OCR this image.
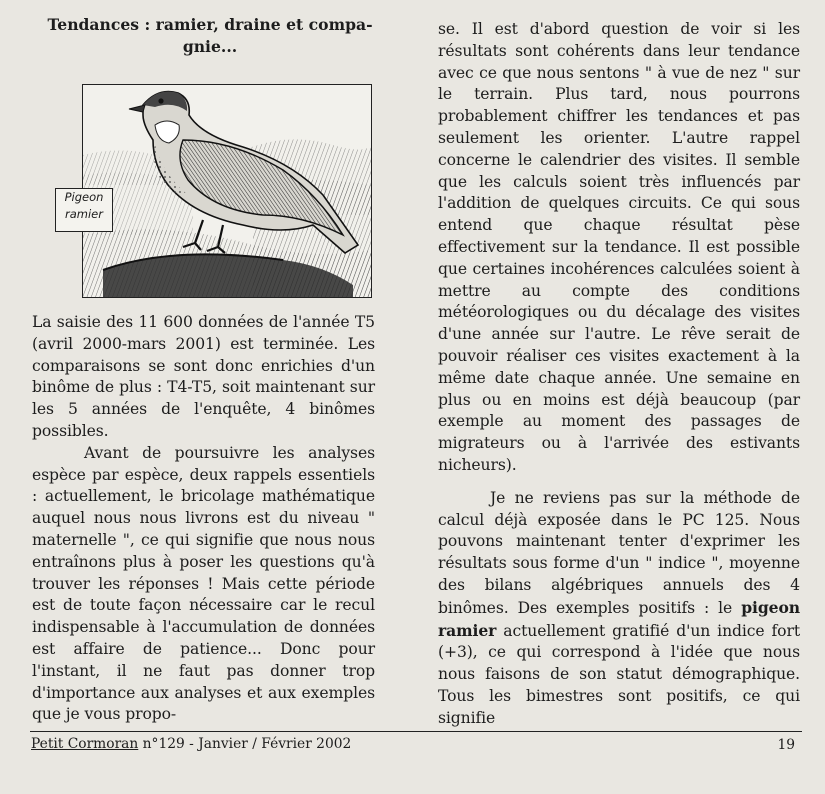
Tendances : ramier, draine et compa-
gnie...
Pigeon
ramier

La saisie des 11 600 données de l'année T5 (avril 2000-mars 2001) est terminée. Les comparaisons se sont donc enrichies d'un binôme de plus : T4-T5, soit maintenant sur les 5 années de l'enquête, 4 binômes possibles.

Avant de poursuivre les analyses espèce par espèce, deux rappels essentiels : actuellement, le bricolage mathématique auquel nous nous livrons est du niveau " maternelle ", ce qui signifie que nous nous entraînons plus à poser les questions qu'à trouver les réponses ! Mais cette période est de toute façon nécessaire car le recul indispensable à l'accumulation de données est affaire de patience... Donc pour l'instant, il ne faut pas donner trop d'importance aux analyses et aux exemples que je vous propo-

se. Il est d'abord question de voir si les résultats sont cohérents dans leur tendance avec ce que nous sentons " à vue de nez " sur le terrain. Plus tard, nous pourrons probablement chiffrer les tendances et pas seulement les orienter. L'autre rappel concerne le calendrier des visites. Il semble que les calculs soient très influencés par l'addition de quelques circuits. Ce qui sous entend que chaque résultat pèse effectivement sur la tendance. Il est possible que certaines incohérences calculées soient à mettre au compte des conditions météorologiques ou du décalage des visites d'une année sur l'autre. Le rêve serait de pouvoir réaliser ces visites exactement à la même date chaque année. Une semaine en plus ou en moins est déjà beaucoup (par exemple au moment des passages de migrateurs ou à l'arrivée des estivants nicheurs).

Je ne reviens pas sur la méthode de calcul déjà exposée dans le PC 125. Nous pouvons maintenant tenter d'exprimer les résultats sous forme d'un " indice ", moyenne des bilans algébriques annuels des 4 binômes. Des exemples positifs : le pigeon ramier actuellement gratifié d'un indice fort (+3), ce qui correspond à l'idée que nous nous faisons de son statut démographique. Tous les bimestres sont positifs, ce qui signifie

Petit Cormoran n°129 - Janvier / Février 2002	19
